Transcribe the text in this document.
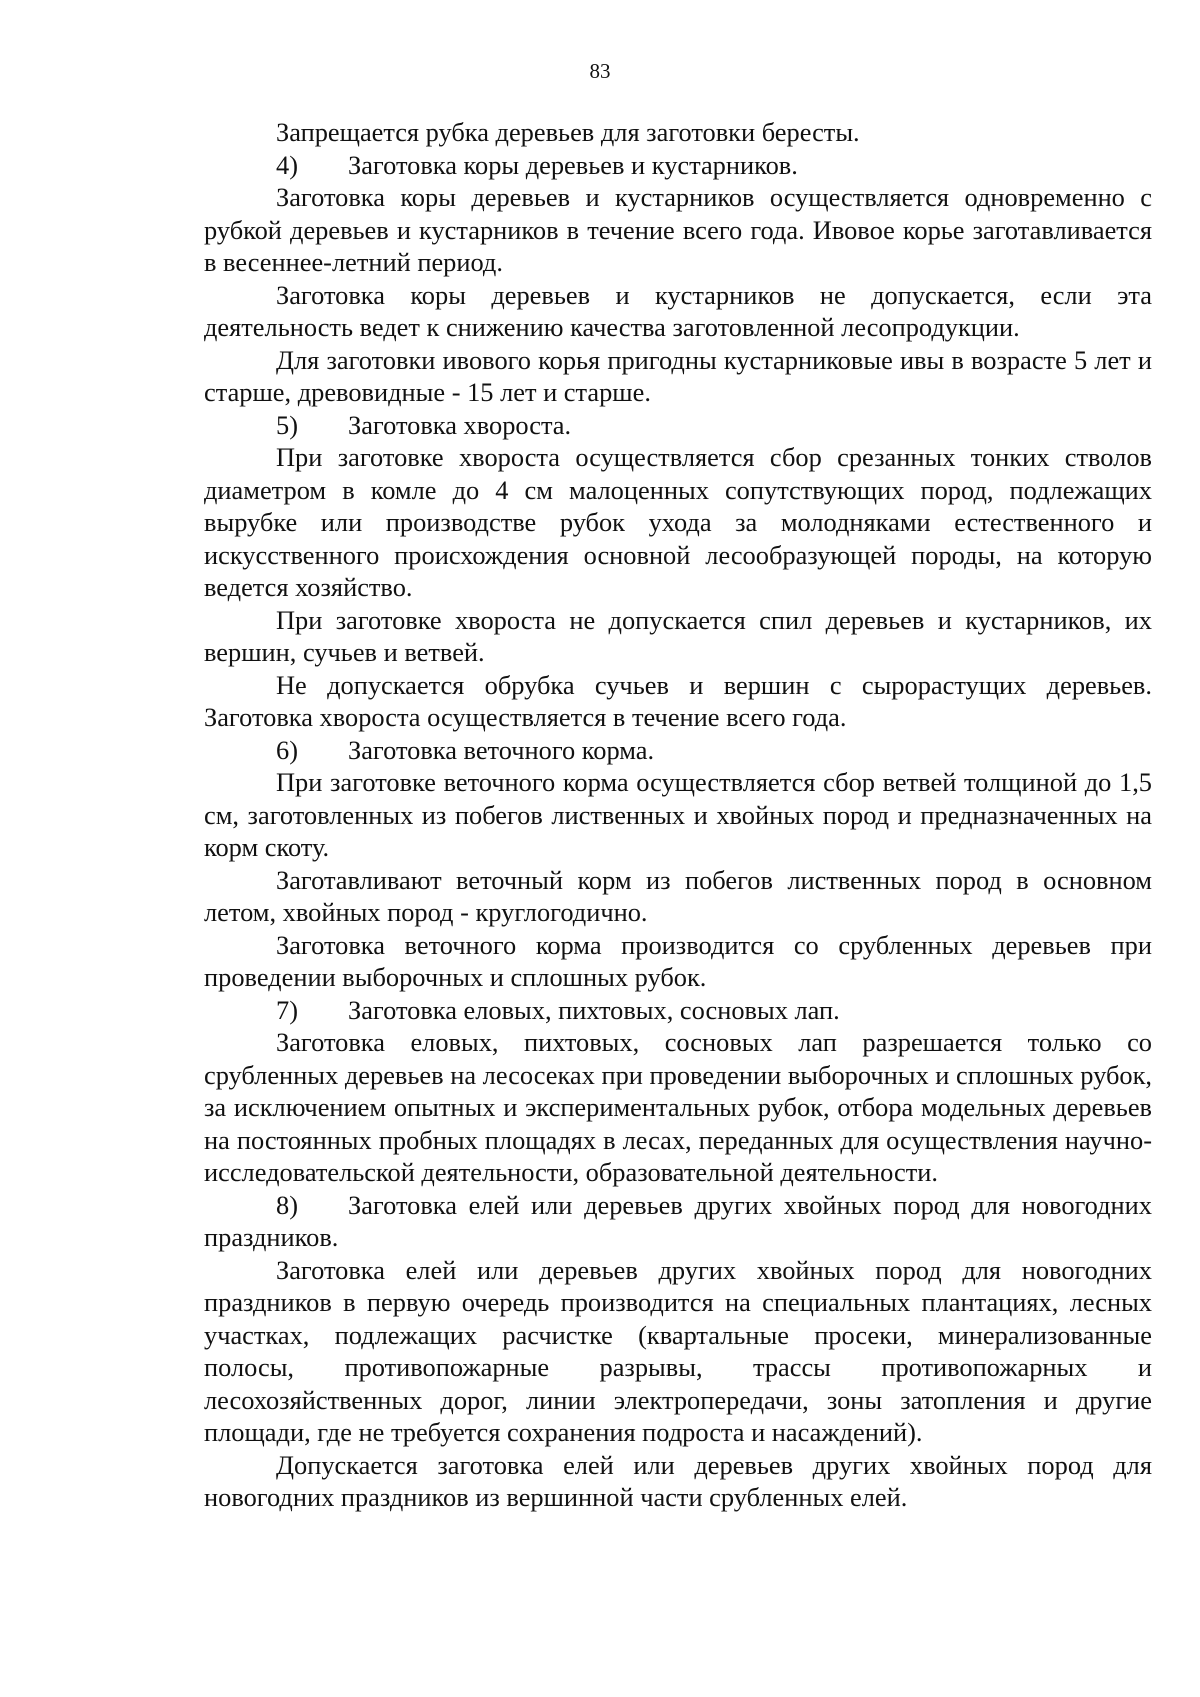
83

Запрещается рубка деревьев для заготовки бересты.

4) Заготовка коры деревьев и кустарников.

Заготовка коры деревьев и кустарников осуществляется одновременно с рубкой деревьев и кустарников в течение всего года. Ивовое корье заготавливается в весеннее-летний период.

Заготовка коры деревьев и кустарников не допускается, если эта деятельность ведет к снижению качества заготовленной лесопродукции.

Для заготовки ивового корья пригодны кустарниковые ивы в возрасте 5 лет и старше, древовидные - 15 лет и старше.

5) Заготовка хвороста.

При заготовке хвороста осуществляется сбор срезанных тонких стволов диаметром в комле до 4 см малоценных сопутствующих пород, подлежащих вырубке или производстве рубок ухода за молодняками естественного и искусственного происхождения основной лесообразующей породы, на которую ведется хозяйство.

При заготовке хвороста не допускается спил деревьев и кустарников, их вершин, сучьев и ветвей.

Не допускается обрубка сучьев и вершин с сырорастущих деревьев. Заготовка хвороста осуществляется в течение всего года.

6) Заготовка веточного корма.

При заготовке веточного корма осуществляется сбор ветвей толщиной до 1,5 см, заготовленных из побегов лиственных и хвойных пород и предназначенных на корм скоту.

Заготавливают веточный корм из побегов лиственных пород в основном летом, хвойных пород - круглогодично.

Заготовка веточного корма производится со срубленных деревьев при проведении выборочных и сплошных рубок.

7) Заготовка еловых, пихтовых, сосновых лап.

Заготовка еловых, пихтовых, сосновых лап разрешается только со срубленных деревьев на лесосеках при проведении выборочных и сплошных рубок, за исключением опытных и экспериментальных рубок, отбора модельных деревьев на постоянных пробных площадях в лесах, переданных для осуществления научно-исследовательской деятельности, образовательной деятельности.

8) Заготовка елей или деревьев других хвойных пород для новогодних праздников.

Заготовка елей или деревьев других хвойных пород для новогодних праздников в первую очередь производится на специальных плантациях, лесных участках, подлежащих расчистке (квартальные просеки, минерализованные полосы, противопожарные разрывы, трассы противопожарных и лесохозяйственных дорог, линии электропередачи, зоны затопления и другие площади, где не требуется сохранения подроста и насаждений).

Допускается заготовка елей или деревьев других хвойных пород для новогодних праздников из вершинной части срубленных елей.
